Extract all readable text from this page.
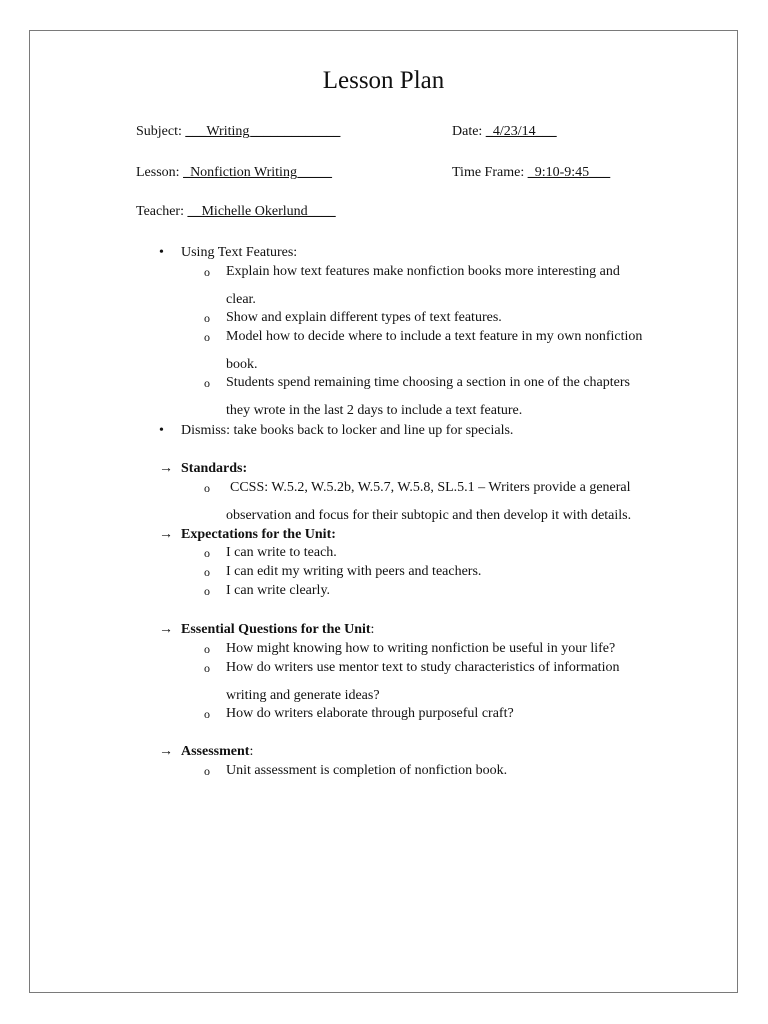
Lesson Plan
Subject: ___Writing_____________	Date: _4/23/14___
Lesson: _Nonfiction Writing_____	Time Frame: _9:10-9:45___
Teacher: __Michelle Okerlund____
• Using Text Features:
o Explain how text features make nonfiction books more interesting and
clear.
o Show and explain different types of text features.
o Model how to decide where to include a text feature in my own nonfiction
book.
o Students spend remaining time choosing a section in one of the chapters
they wrote in the last 2 days to include a text feature.
• Dismiss: take books back to locker and line up for specials.
→ Standards:
o CCSS: W.5.2, W.5.2b, W.5.7, W.5.8, SL.5.1 – Writers provide a general
observation and focus for their subtopic and then develop it with details.
→ Expectations for the Unit:
o I can write to teach.
o I can edit my writing with peers and teachers.
o I can write clearly.
→ Essential Questions for the Unit:
o How might knowing how to writing nonfiction be useful in your life?
o How do writers use mentor text to study characteristics of information
writing and generate ideas?
o How do writers elaborate through purposeful craft?
→ Assessment:
o Unit assessment is completion of nonfiction book.
